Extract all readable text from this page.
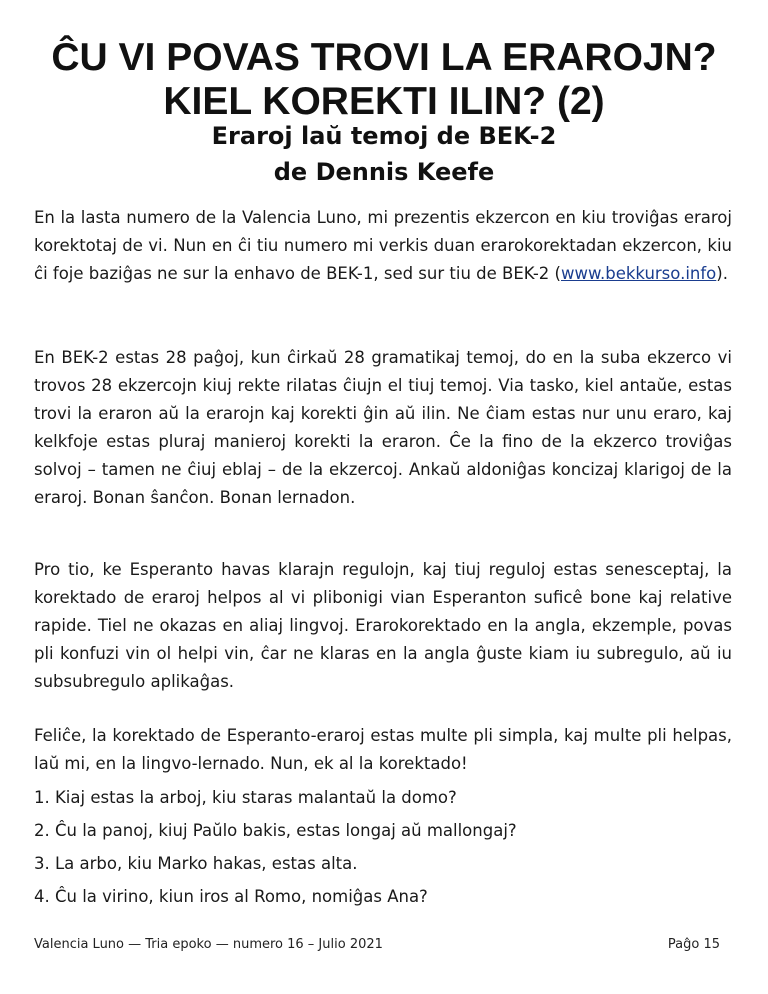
ĈU VI POVAS TROVI LA ERAROJN?
KIEL KOREKTI ILIN? (2)
Eraroj laŭ temoj de BEK-2
de Dennis Keefe

En la lasta numero de la Valencia Luno, mi prezentis ekzercon en kiu troviĝas eraroj korektotaj de vi. Nun en ĉi tiu numero mi verkis duan erarokorektadan ekzercon, kiu ĉi foje baziĝas ne sur la enhavo de BEK-1, sed sur tiu de BEK-2 (www.bekkurso.info).

En BEK-2 estas 28 paĝoj, kun ĉirkaŭ 28 gramatikaj temoj, do en la suba ekzerco vi trovos 28 ekzercojn kiuj rekte rilatas ĉiujn el tiuj temoj. Via tasko, kiel antaŭe, estas trovi la eraron aŭ la erarojn kaj korekti ĝin aŭ ilin. Ne ĉiam estas nur unu eraro, kaj kelkfoje estas pluraj manieroj korekti la eraron. Ĉe la fino de la ekzerco troviĝas solvoj – tamen ne ĉiuj eblaj – de la ekzercoj. Ankaŭ aldoniĝas koncizaj klarigoj de la eraroj. Bonan ŝanĉon. Bonan lernadon.

Pro tio, ke Esperanto havas klarajn regulojn, kaj tiuj reguloj estas senesceptaj, la korektado de eraroj helpos al vi plibonigi vian Esperanton suficê bone kaj relative rapide. Tiel ne okazas en aliaj lingvoj. Erarokorektado en la angla, ekzemple, povas pli konfuzi vin ol helpi vin, ĉar ne klaras en la angla ĝuste kiam iu subregulo, aŭ iu subsubregulo aplikaĝas.

Feliĉe, la korektado de Esperanto-eraroj estas multe pli simpla, kaj multe pli helpas, laŭ mi, en la lingvo-lernado. Nun, ek al la korektado!

1. Kiaj estas la arboj, kiu staras malantaŭ la domo?
2. Ĉu la panoj, kiuj Paŭlo bakis, estas longaj aŭ mallongaj?
3. La arbo, kiu Marko hakas, estas alta.
4. Ĉu la virino, kiun iros al Romo, nomiĝas Ana?
Valencia Luno — Tria epoko — numero 16 – Julio 2021	Paĝo 15
